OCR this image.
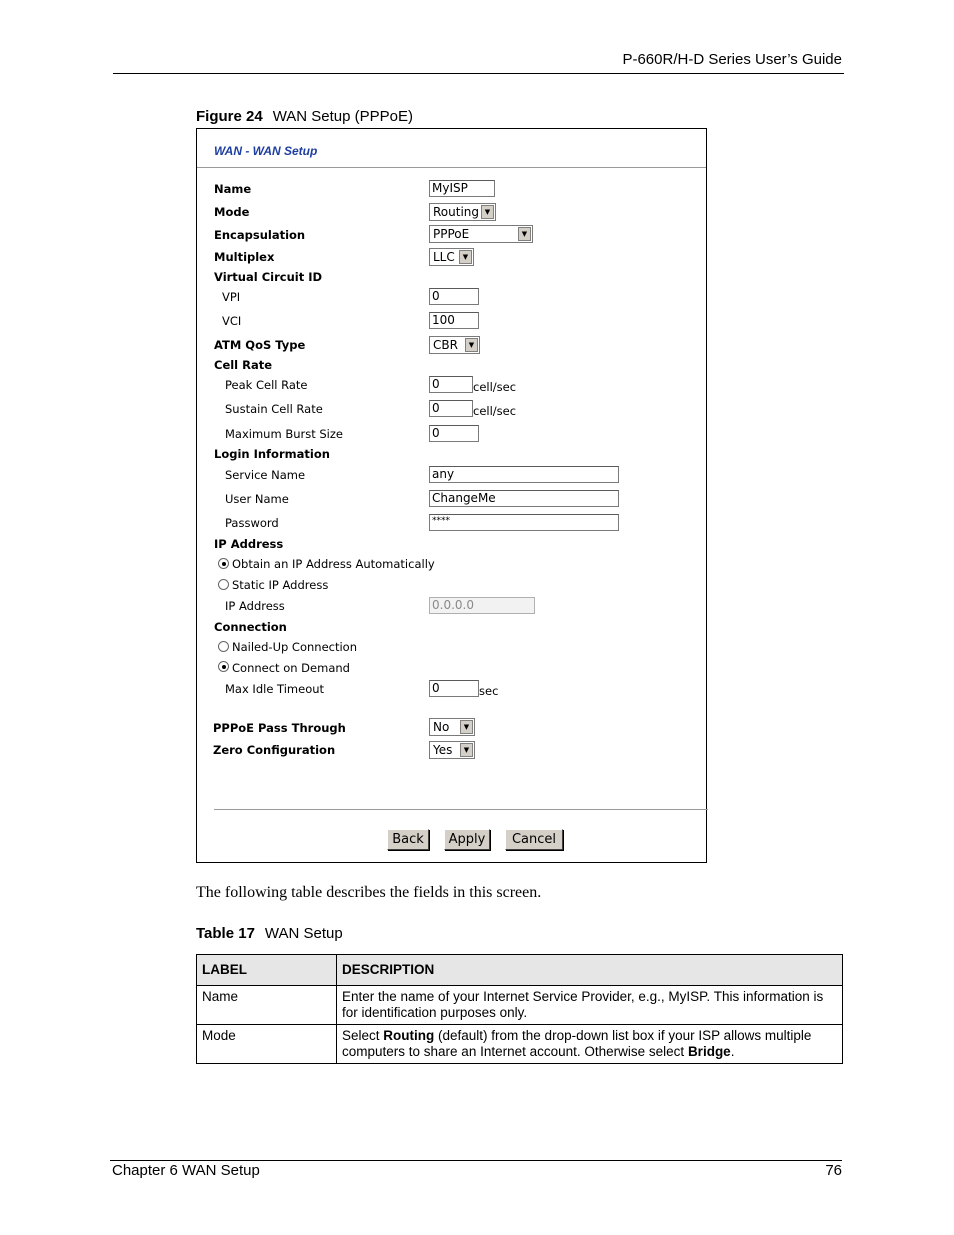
P-660R/H-D Series User’s Guide
Figure 24 WAN Setup (PPPoE)
WAN - WAN Setup
Name	MyISP
Mode	Routing ▼
Encapsulation	PPPoE	▼
Multiplex	LLC	▼
Virtual Circuit ID
VPI	0
VCI	100
ATM QoS Type	CBR	▼
Cell Rate
Peak Cell Rate	0	cell/sec
Sustain Cell Rate	0	cell/sec
Maximum Burst Size	0
Login Information
Service Name	any
User Name	ChangeMe
Password	****
IP Address
Obtain an IP Address Automatically
Static IP Address
IP Address	0.0.0.0
Connection
Nailed-Up Connection
Connect on Demand
Max Idle Timeout	0	sec
PPPoE Pass Through	No	▼
Zero Configuration	Yes	▼
Back	Apply	Cancel
The following table describes the fields in this screen.
Table 17 WAN Setup
LABEL	DESCRIPTION
Name	Enter the name of your Internet Service Provider, e.g., MyISP. This information is for identification purposes only.
Mode	Select Routing (default) from the drop-down list box if your ISP allows multiple computers to share an Internet account. Otherwise select Bridge.
Chapter 6 WAN Setup	76
